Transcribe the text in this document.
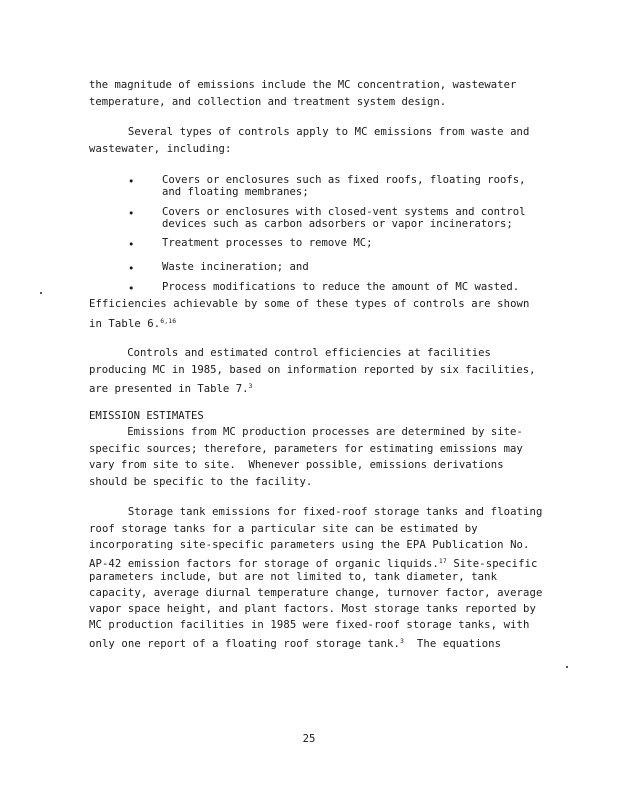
the magnitude of emissions include the MC concentration, wastewater
temperature, and collection and treatment system design.
Several types of controls apply to MC emissions from waste and
wastewater, including:
•	Covers or enclosures such as fixed roofs, floating roofs,
and floating membranes;
•	Covers or enclosures with closed-vent systems and control
devices such as carbon adsorbers or vapor incinerators;
•	Treatment processes to remove MC;
•	Waste incineration; and
•	Process modifications to reduce the amount of MC wasted.
Efficiencies achievable by some of these types of controls are shown
in Table 6.$^{6,16}$
Controls and estimated control efficiencies at facilities
producing MC in 1985, based on information reported by six facilities,
are presented in Table 7.$^3$
EMISSION ESTIMATES
Emissions from MC production processes are determined by site-
specific sources; therefore, parameters for estimating emissions may
vary from site to site.  Whenever possible, emissions derivations
should be specific to the facility.
Storage tank emissions for fixed-roof storage tanks and floating
roof storage tanks for a particular site can be estimated by
incorporating site-specific parameters using the EPA Publication No.
AP-42 emission factors for storage of organic liquids.$^{17}$ Site-specific
parameters include, but are not limited to, tank diameter, tank
capacity, average diurnal temperature change, turnover factor, average
vapor space height, and plant factors. Most storage tanks reported by
MC production facilities in 1985 were fixed-roof storage tanks, with
only one report of a floating roof storage tank.$^3$  The equations
25
